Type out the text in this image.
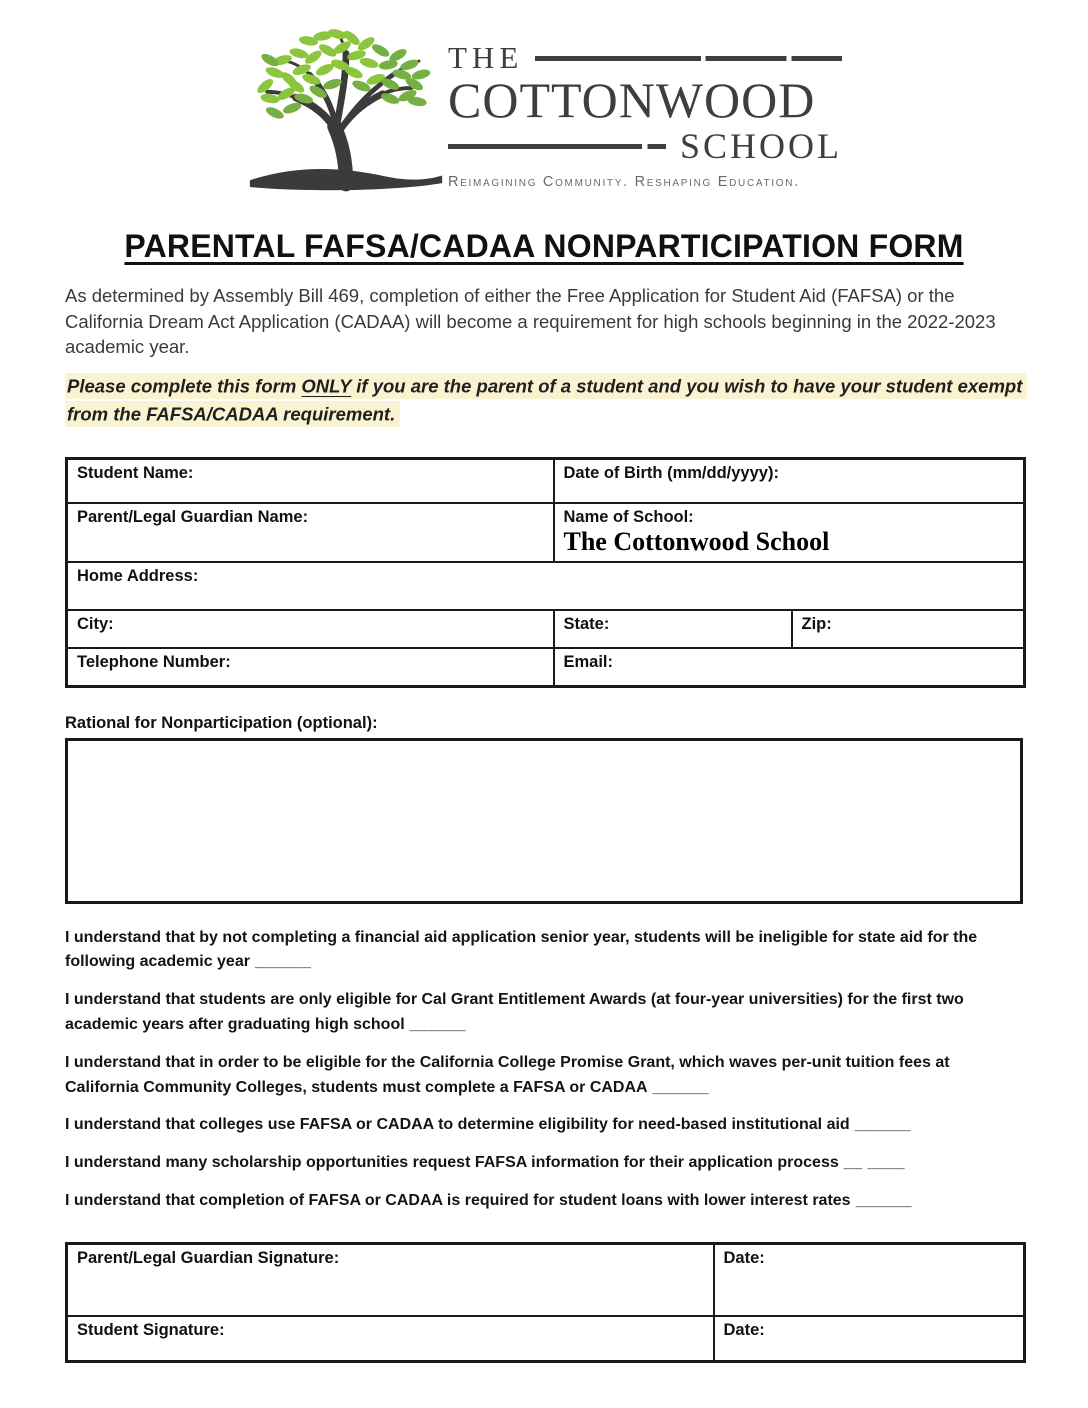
THE
COTTONWOOD
SCHOOL
Reimagining Community. Reshaping Education.
PARENTAL FAFSA/CADAA NONPARTICIPATION FORM

As determined by Assembly Bill 469, completion of either the Free Application for Student Aid (FAFSA) or the California Dream Act Application (CADAA) will become a requirement for high schools beginning in the 2022-2023 academic year.

Please complete this form ONLY if you are the parent of a student and you wish to have your student exempt from the FAFSA/CADAA requirement.

Student Name:	Date of Birth (mm/dd/yyyy):	
Parent/Legal Guardian Name:	Name of School:
The Cottonwood School	

Home Address:		
City:	State:	Zip:
Telephone Number:	Email:	
Rational for Nonparticipation (optional):

I understand that by not completing a financial aid application senior year, students will be ineligible for state aid for the following academic year ______

I understand that students are only eligible for Cal Grant Entitlement Awards (at four-year universities) for the first two academic years after graduating high school ______

I understand that in order to be eligible for the California College Promise Grant, which waves per-unit tuition fees at California Community Colleges, students must complete a FAFSA or CADAA ______

I understand that colleges use FAFSA or CADAA to determine eligibility for need-based institutional aid ______

I understand many scholarship opportunities request FAFSA information for their application process __ ____

I understand that completion of FAFSA or CADAA is required for student loans with lower interest rates ______

Parent/Legal Guardian Signature:	Date:
Student Signature:	Date:
